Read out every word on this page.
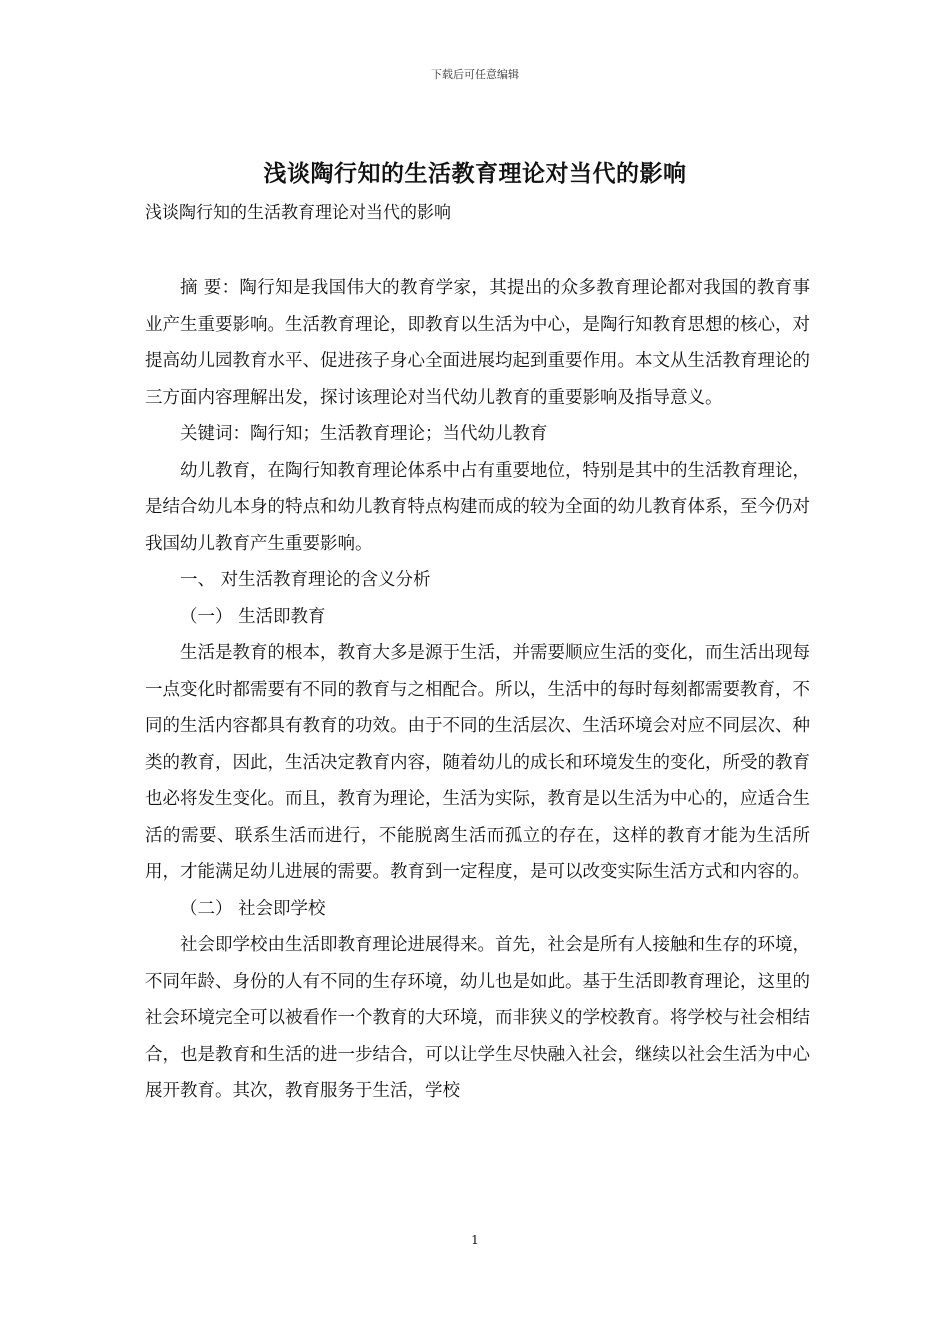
下载后可任意编辑
浅谈陶行知的生活教育理论对当代的影响
浅谈陶行知的生活教育理论对当代的影响

摘 要：陶行知是我国伟大的教育学家，其提出的众多教育理论都对我国的教育事业产生重要影响。生活教育理论，即教育以生活为中心，是陶行知教育思想的核心，对提高幼儿园教育水平、促进孩子身心全面进展均起到重要作用。本文从生活教育理论的三方面内容理解出发，探讨该理论对当代幼儿教育的重要影响及指导意义。

关键词：陶行知；生活教育理论；当代幼儿教育

幼儿教育，在陶行知教育理论体系中占有重要地位，特别是其中的生活教育理论，是结合幼儿本身的特点和幼儿教育特点构建而成的较为全面的幼儿教育体系，至今仍对我国幼儿教育产生重要影响。

一、 对生活教育理论的含义分析

（一） 生活即教育

生活是教育的根本，教育大多是源于生活，并需要顺应生活的变化，而生活出现每一点变化时都需要有不同的教育与之相配合。所以，生活中的每时每刻都需要教育，不同的生活内容都具有教育的功效。由于不同的生活层次、生活环境会对应不同层次、种类的教育，因此，生活决定教育内容，随着幼儿的成长和环境发生的变化，所受的教育也必将发生变化。而且，教育为理论，生活为实际，教育是以生活为中心的，应适合生活的需要、联系生活而进行，不能脱离生活而孤立的存在，这样的教育才能为生活所用，才能满足幼儿进展的需要。教育到一定程度，是可以改变实际生活方式和内容的。

（二） 社会即学校

社会即学校由生活即教育理论进展得来。首先，社会是所有人接触和生存的环境，不同年龄、身份的人有不同的生存环境，幼儿也是如此。基于生活即教育理论，这里的社会环境完全可以被看作一个教育的大环境，而非狭义的学校教育。将学校与社会相结合，也是教育和生活的进一步结合，可以让学生尽快融入社会，继续以社会生活为中心展开教育。其次，教育服务于生活，学校

1
